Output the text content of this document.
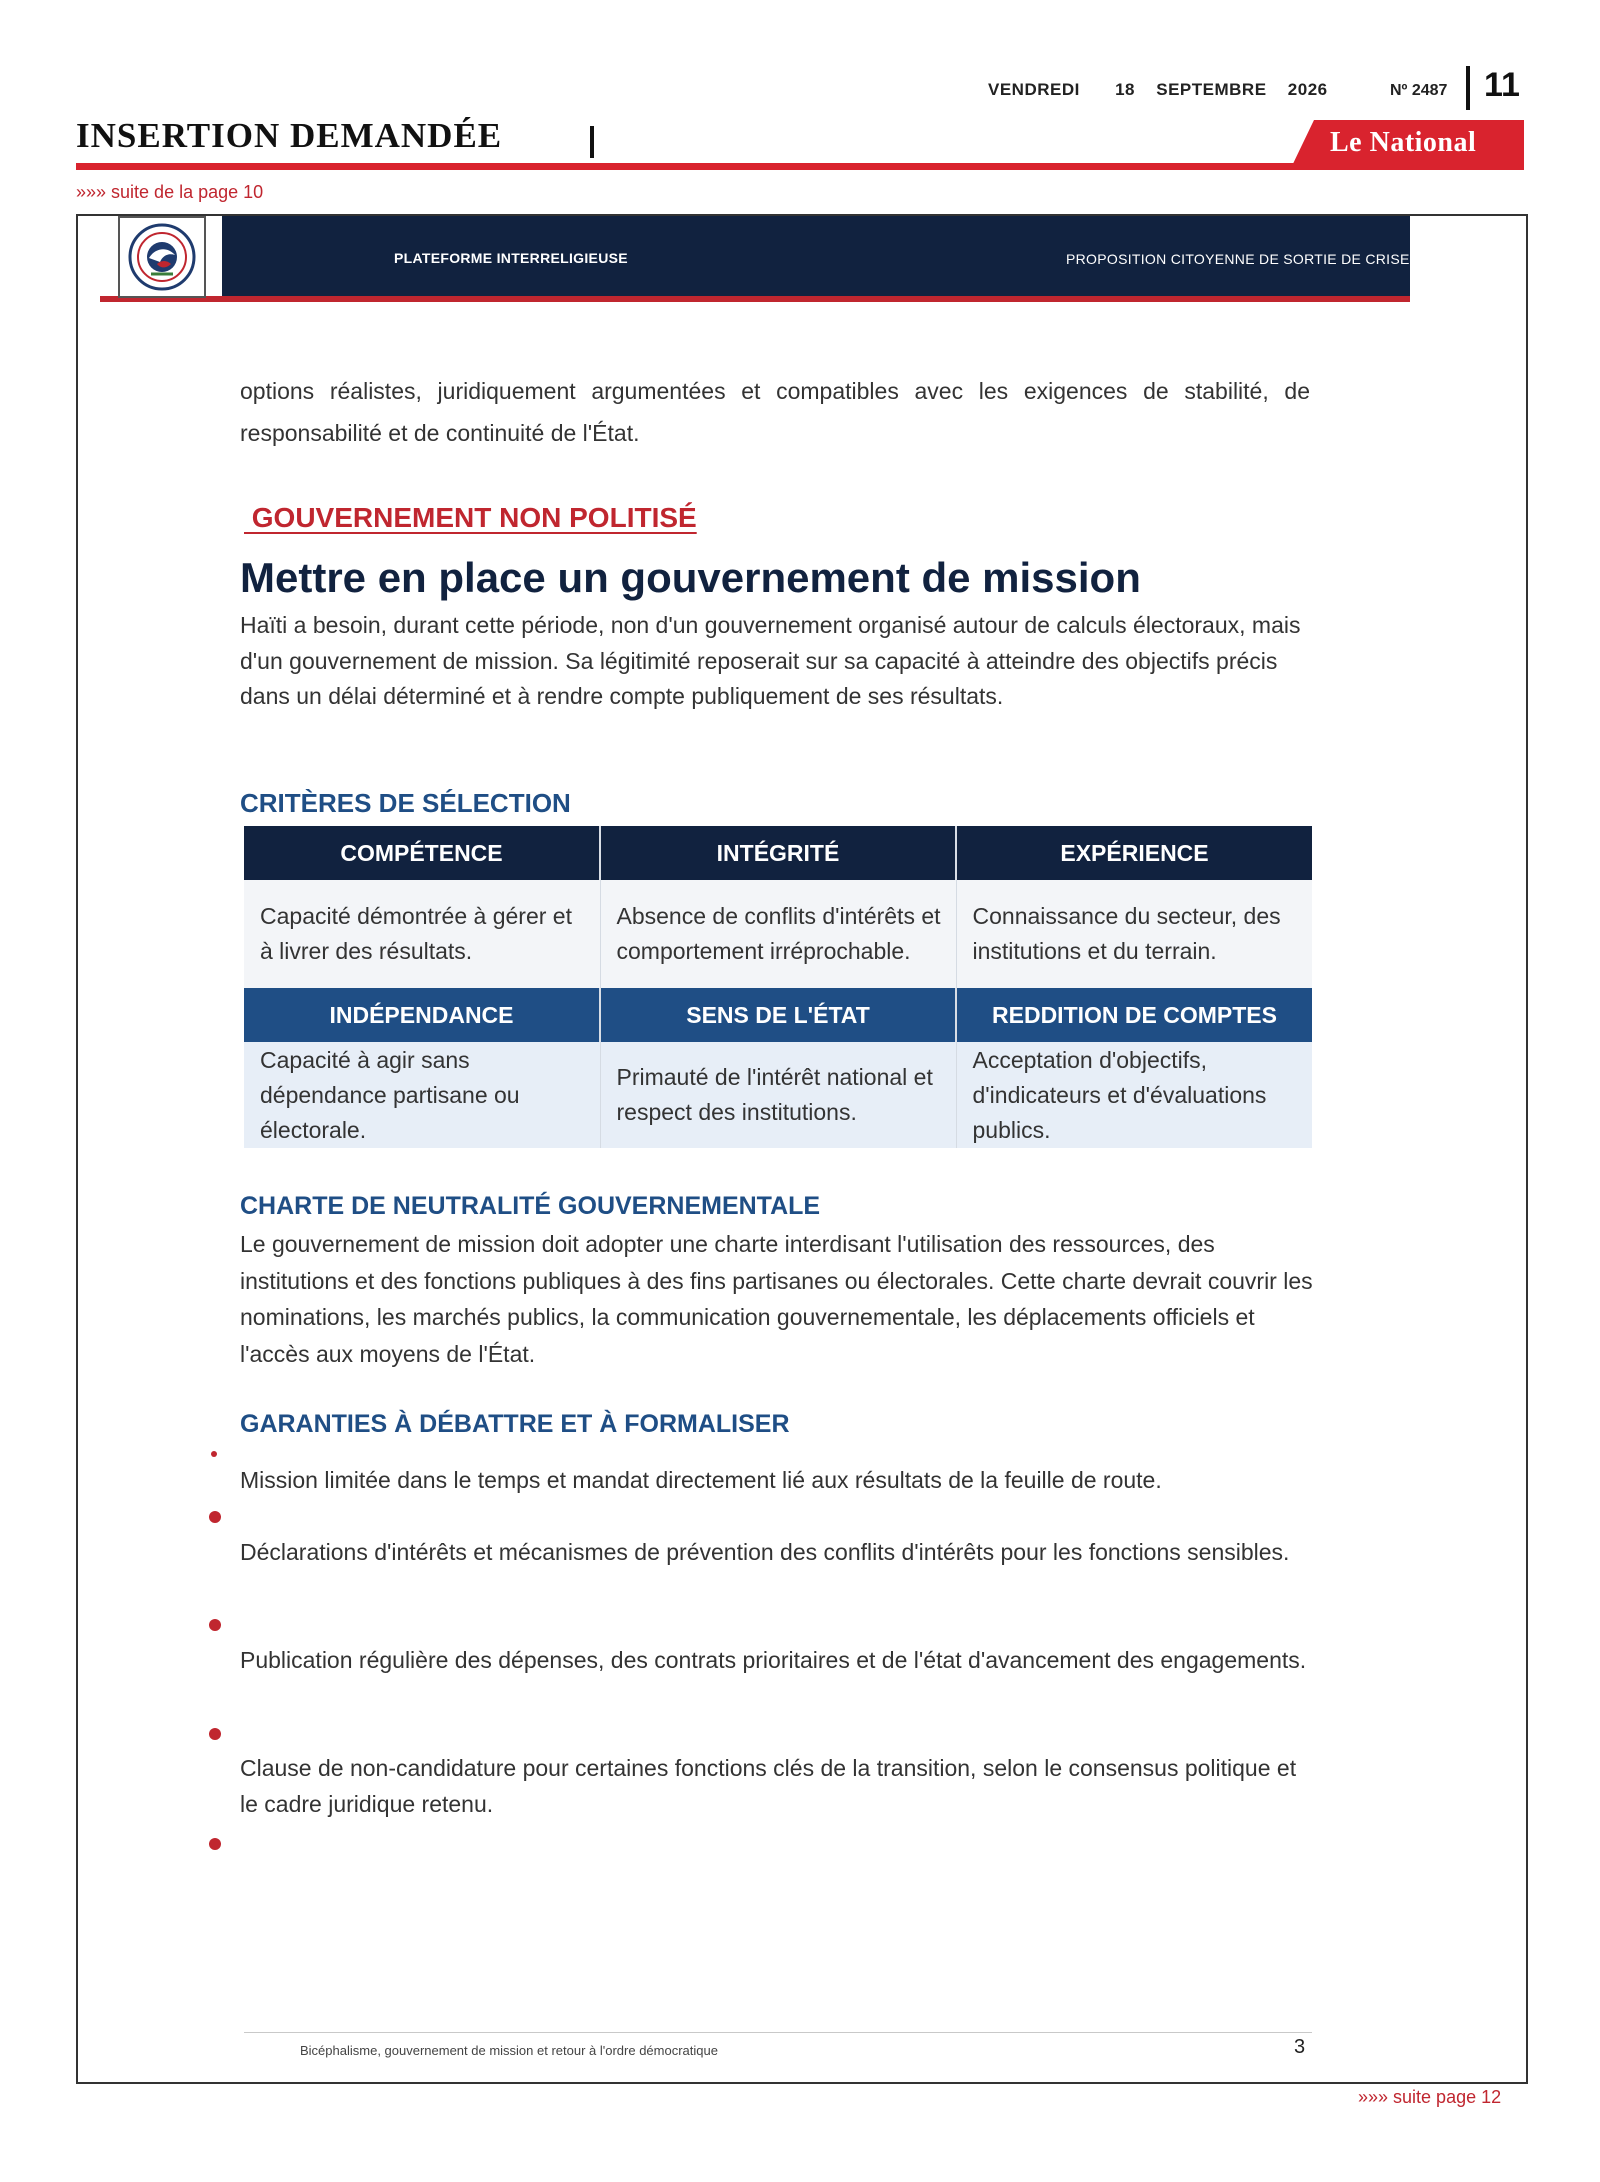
VENDREDI 18 SEPTEMBRE 2026	Nº 2487 11
INSERTION DEMANDÉE	Le National
»»» suite de la page 10
PLATEFORME INTERRELIGIEUSE	PROPOSITION CITOYENNE DE SORTIE DE CRISE
options réalistes, juridiquement argumentées et compatibles avec les exigences de stabilité, de responsabilité et de continuité de l'État.
GOUVERNEMENT NON POLITISÉ
Mettre en place un gouvernement de mission
Haïti a besoin, durant cette période, non d'un gouvernement organisé autour de calculs électoraux, mais d'un gouvernement de mission. Sa légitimité reposerait sur sa capacité à atteindre des objectifs précis dans un délai déterminé et à rendre compte publiquement de ses résultats.
CRITÈRES DE SÉLECTION
COMPÉTENCE	INTÉGRITÉ	EXPÉRIENCE
Capacité démontrée à gérer et à livrer des résultats.	Absence de conflits d'intérêts et comportement irréprochable.	Connaissance du secteur, des institutions et du terrain.
INDÉPENDANCE	SENS DE L'ÉTAT	REDDITION DE COMPTES
Capacité à agir sans dépendance partisane ou électorale.	Primauté de l'intérêt national et respect des institutions.	Acceptation d'objectifs, d'indicateurs et d'évaluations publics.
CHARTE DE NEUTRALITÉ GOUVERNEMENTALE
Le gouvernement de mission doit adopter une charte interdisant l'utilisation des ressources, des institutions et des fonctions publiques à des fins partisanes ou électorales. Cette charte devrait couvrir les nominations, les marchés publics, la communication gouvernementale, les déplacements officiels et l'accès aux moyens de l'État.
GARANTIES À DÉBATTRE ET À FORMALISER
Mission limitée dans le temps et mandat directement lié aux résultats de la feuille de route.
Déclarations d'intérêts et mécanismes de prévention des conflits d'intérêts pour les fonctions sensibles.
Publication régulière des dépenses, des contrats prioritaires et de l'état d'avancement des engagements.
Clause de non-candidature pour certaines fonctions clés de la transition, selon le consensus politique et le cadre juridique retenu.
Bicéphalisme, gouvernement de mission et retour à l'ordre démocratique	3
»»» suite page 12
